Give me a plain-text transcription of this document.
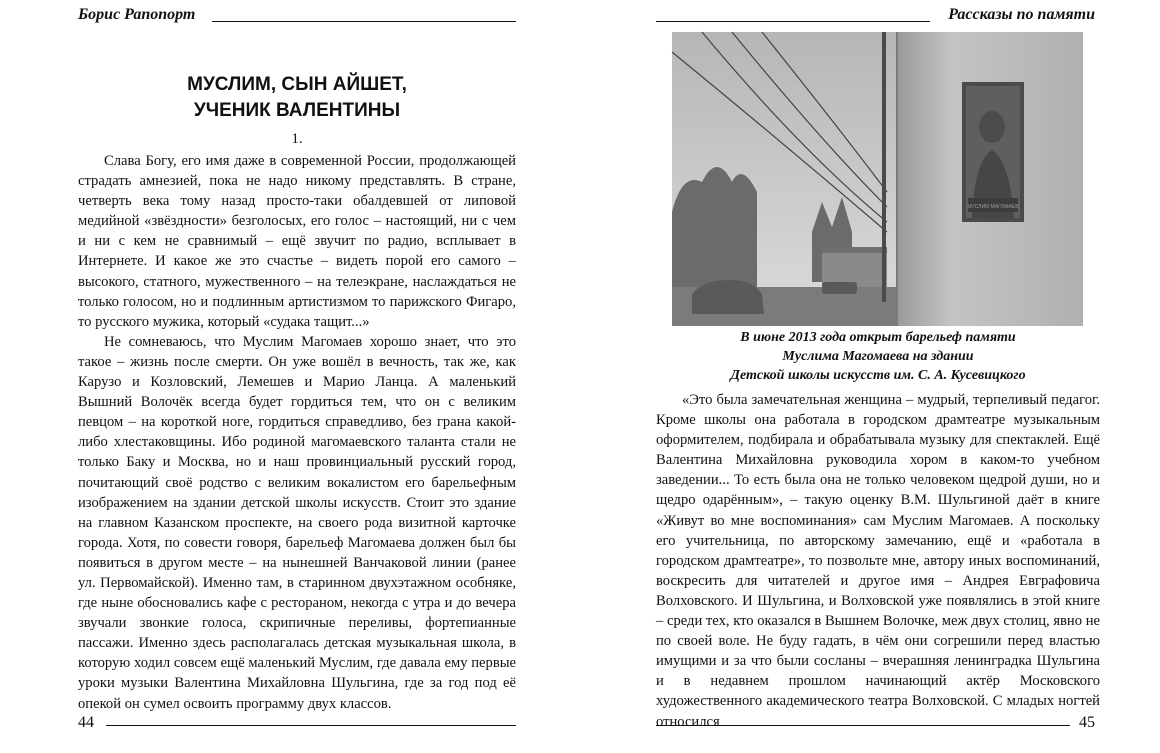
Борис Рапопорт
МУСЛИМ, СЫН АЙШЕТ,
УЧЕНИК ВАЛЕНТИНЫ
1.

Слава Богу, его имя даже в современной России, продолжающей страдать амнезией, пока не надо никому представлять. В стране, четверть века тому назад просто-таки обалдевшей от липовой медийной «звёздности» безголосых, его голос – настоящий, ни с чем и ни с кем не сравнимый – ещё звучит по радио, всплывает в Интернете. И какое же это счастье – видеть порой его самого – высокого, статного, мужественного – на телеэкране, наслаждаться не только голосом, но и подлинным артистизмом то парижского Фигаро, то русского мужика, который «судака тащит...»

Не сомневаюсь, что Муслим Магомаев хорошо знает, что это такое – жизнь после смерти. Он уже вошёл в вечность, так же, как Карузо и Козловский, Лемешев и Марио Ланца. А маленький Вышний Волочёк всегда будет гордиться тем, что он с великим певцом – на короткой ноге, гордиться справедливо, без грана какой-либо хлестаковщины. Ибо родиной магомаевского таланта стали не только Баку и Москва, но и наш провинциальный русский город, почитающий своё родство с великим вокалистом его барельефным изображением на здании детской школы искусств. Стоит это здание на главном Казанском проспекте, на своего рода визитной карточке города. Хотя, по совести говоря, барельеф Магомаева должен был бы появиться в другом месте – на нынешней Ванчаковой линии (ранее ул. Первомайской). Именно там, в старинном двухэтажном особняке, где ныне обосновались кафе с рестораном, некогда с утра и до вечера звучали звонкие голоса, скрипичные переливы, фортепианные пассажи. Именно здесь располагалась детская музыкальная школа, в которую ходил совсем ещё маленький Муслим, где давала ему первые уроки музыки Валентина Михайловна Шульгина, где за год под её опекой он сумел освоить программу двух классов.

44
Рассказы по памяти
МУСЛИМ МАГОМАЕВ
В июне 2013 года открыт барельеф памяти
Муслима Магомаева на здании
Детской школы искусств им. С. А. Кусевицкого

«Это была замечательная женщина – мудрый, терпеливый педагог. Кроме школы она работала в городском драмтеатре музыкальным оформителем, подбирала и обрабатывала музыку для спектаклей. Ещё Валентина Михайловна руководила хором в каком-то учебном заведении... То есть была она не только человеком щедрой души, но и щедро одарённым», – такую оценку В.М. Шульгиной даёт в книге «Живут во мне воспоминания» сам Муслим Магомаев. А поскольку его учительница, по авторскому замечанию, ещё и «работала в городском драмтеатре», то позвольте мне, автору иных воспоминаний, воскресить для читателей и другое имя – Андрея Евграфовича Волховского. И Шульгина, и Волховской уже появлялись в этой книге – среди тех, кто оказался в Вышнем Волочке, меж двух столиц, явно не по своей воле. Не буду гадать, в чём они согрешили перед властью имущими и за что были сосланы – вчерашняя ленинградка Шульгина и в недавнем прошлом начинающий актёр Московского художественного академического театра Волховской. С младых ногтей относился	45
